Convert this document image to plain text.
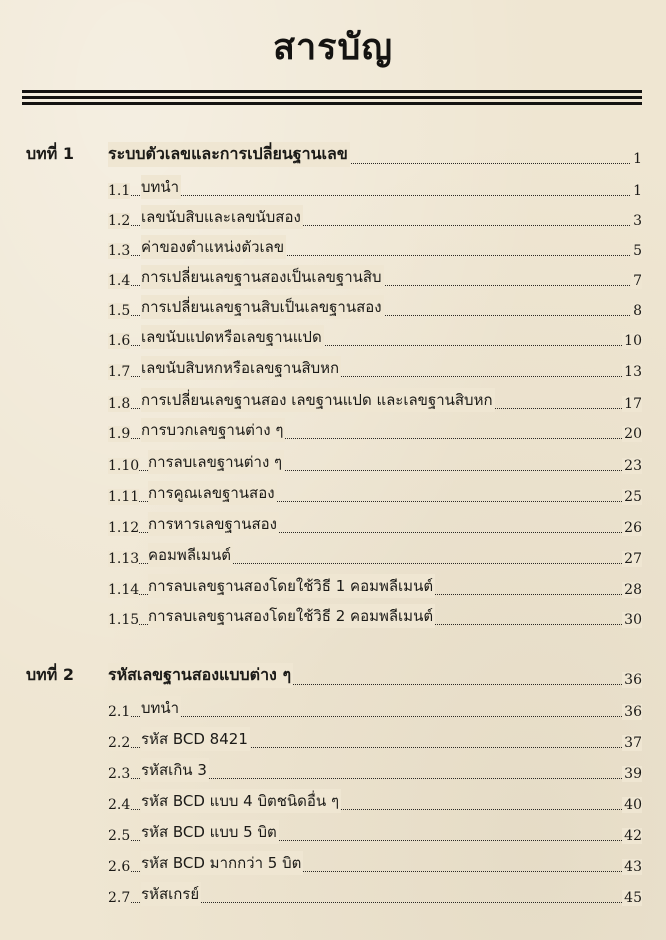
สารบัญ
บทที่ 1 ระบบตัวเลขและการเปลี่ยนฐานเลข	1
1.1 บทนำ	1
1.2 เลขนับสิบและเลขนับสอง	3
1.3 ค่าของตำแหน่งตัวเลข	5
1.4 การเปลี่ยนเลขฐานสองเป็นเลขฐานสิบ	7
1.5 การเปลี่ยนเลขฐานสิบเป็นเลขฐานสอง	8
1.6 เลขนับแปดหรือเลขฐานแปด	10
1.7 เลขนับสิบหกหรือเลขฐานสิบหก	13
1.8 การเปลี่ยนเลขฐานสอง เลขฐานแปด และเลขฐานสิบหก	17
1.9 การบวกเลขฐานต่าง ๆ	20
1.10 การลบเลขฐานต่าง ๆ	23
1.11 การคูณเลขฐานสอง	25
1.12 การหารเลขฐานสอง	26
1.13 คอมพลีเมนต์	27
1.14 การลบเลขฐานสองโดยใช้วิธี 1 คอมพลีเมนต์	28
1.15 การลบเลขฐานสองโดยใช้วิธี 2 คอมพลีเมนต์	30
บทที่ 2 รหัสเลขฐานสองแบบต่าง ๆ	36
2.1 บทนำ	36
2.2 รหัส BCD 8421	37
2.3 รหัสเกิน 3	39
2.4 รหัส BCD แบบ 4 บิตชนิดอื่น ๆ	40
2.5 รหัส BCD แบบ 5 บิต	42
2.6 รหัส BCD มากกว่า 5 บิต	43
2.7 รหัสเกรย์	45
